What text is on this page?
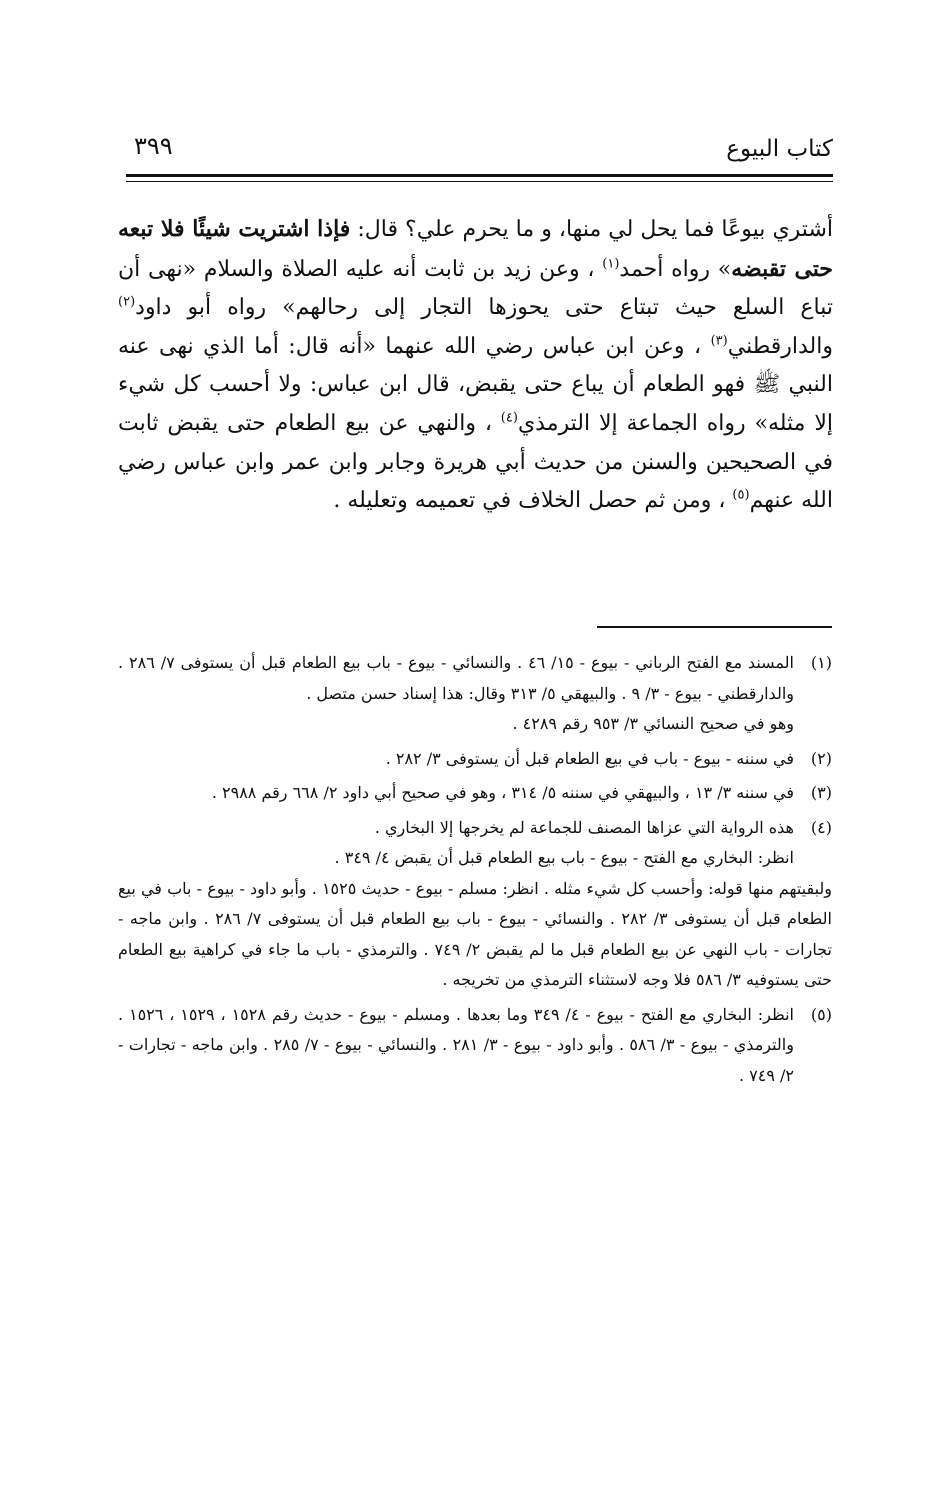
كتاب البيوع
٣٩٩

أشتري بيوعًا فما يحل لي منها، و ما يحرم علي؟ قال: فإذا اشتريت شيئًا فلا تبعه حتى تقبضه» رواه أحمد$^{(١)}$ ، وعن زيد بن ثابت أنه عليه الصلاة والسلام «نهى أن تباع السلع حيث تبتاع حتى يحوزها التجار إلى رحالهم» رواه أبو داود$^{(٢)}$ والدارقطني$^{(٣)}$ ، وعن ابن عباس رضي الله عنهما «أنه قال: أما الذي نهى عنه النبي ﷺ فهو الطعام أن يباع حتى يقبض، قال ابن عباس: ولا أحسب كل شيء إلا مثله» رواه الجماعة إلا الترمذي$^{(٤)}$ ، والنهي عن بيع الطعام حتى يقبض ثابت في الصحيحين والسنن من حديث أبي هريرة وجابر وابن عمر وابن عباس رضي الله عنهم$^{(٥)}$ ، ومن ثم حصل الخلاف في تعميمه وتعليله .

(١)
المسند مع الفتح الرباني - بيوع - ١٥/ ٤٦ . والنسائي - بيوع - باب بيع الطعام قبل أن يستوفى ٧/ ٢٨٦ . والدارقطني - بيوع - ٣/ ٩ . والبيهقي ٥/ ٣١٣ وقال: هذا إسناد حسن متصل .
وهو في صحيح النسائي ٣/ ٩٥٣ رقم ٤٢٨٩ .
(٢)
في سننه - بيوع - باب في بيع الطعام قبل أن يستوفى ٣/ ٢٨٢ .
(٣)
في سننه ٣/ ١٣ ، والبيهقي في سننه ٥/ ٣١٤ ، وهو في صحيح أبي داود ٢/ ٦٦٨ رقم ٢٩٨٨ .
(٤)
هذه الرواية التي عزاها المصنف للجماعة لم يخرجها إلا البخاري .
انظر: البخاري مع الفتح - بيوع - باب بيع الطعام قبل أن يقبض ٤/ ٣٤٩ .
ولبقيتهم منها قوله: وأحسب كل شيء مثله . انظر: مسلم - بيوع - حديث ١٥٢٥ . وأبو داود - بيوع - باب في بيع الطعام قبل أن يستوفى ٣/ ٢٨٢ . والنسائي - بيوع - باب بيع الطعام قبل أن يستوفى ٧/ ٢٨٦ . وابن ماجه - تجارات - باب النهي عن بيع الطعام قبل ما لم يقبض ٢/ ٧٤٩ . والترمذي - باب ما جاء في كراهية بيع الطعام حتى يستوفيه ٣/ ٥٨٦ فلا وجه لاستثناء الترمذي من تخريجه .
(٥)
انظر: البخاري مع الفتح - بيوع - ٤/ ٣٤٩ وما بعدها . ومسلم - بيوع - حديث رقم ١٥٢٨ ، ١٥٢٩ ، ١٥٢٦ . والترمذي - بيوع - ٣/ ٥٨٦ . وأبو داود - بيوع - ٣/ ٢٨١ . والنسائي - بيوع - ٧/ ٢٨٥ . وابن ماجه - تجارات - ٢/ ٧٤٩ .
